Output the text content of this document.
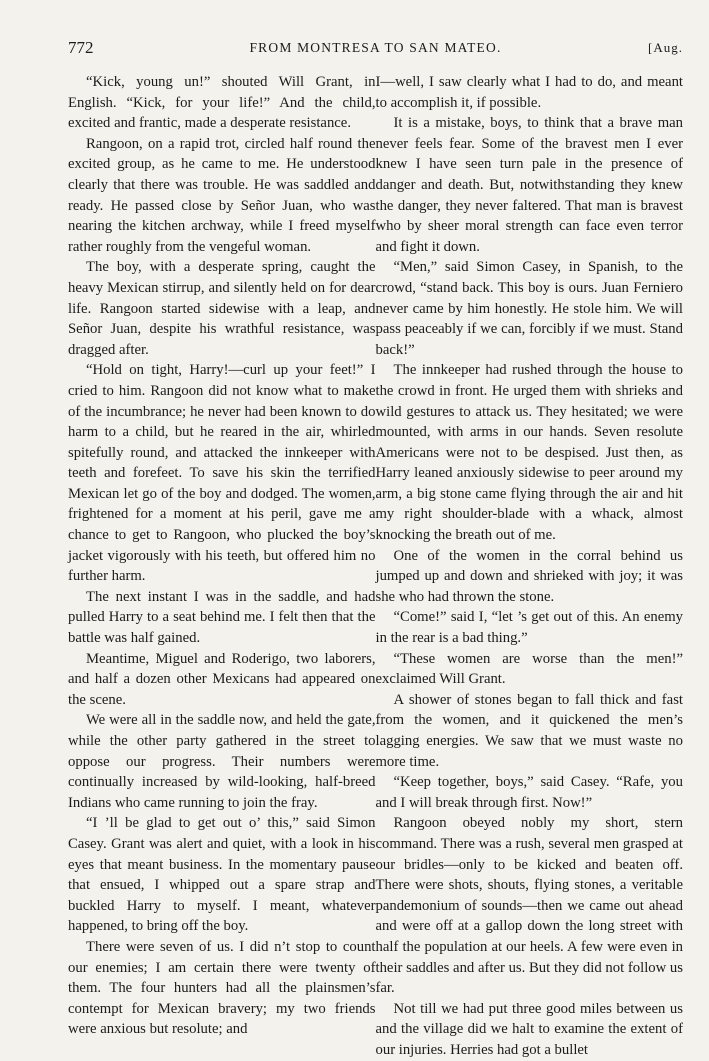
772	FROM MONTRESA TO SAN MATEO.	[Aug.

“Kick, young un!” shouted Will Grant, in English. “Kick, for your life!” And the child, excited and frantic, made a desperate resistance.

Rangoon, on a rapid trot, circled half round the excited group, as he came to me. He understood clearly that there was trouble. He was saddled and ready. He passed close by Señor Juan, who was nearing the kitchen archway, while I freed myself rather roughly from the vengeful woman.

The boy, with a desperate spring, caught the heavy Mexican stirrup, and silently held on for dear life. Rangoon started sidewise with a leap, and Señor Juan, despite his wrathful resistance, was dragged after.

“Hold on tight, Harry!—curl up your feet!” I cried to him. Rangoon did not know what to make of the incumbrance; he never had been known to do harm to a child, but he reared in the air, whirled spitefully round, and attacked the innkeeper with teeth and forefeet. To save his skin the terrified Mexican let go of the boy and dodged. The women, frightened for a moment at his peril, gave me a chance to get to Rangoon, who plucked the boy’s jacket vigorously with his teeth, but offered him no further harm.

The next instant I was in the saddle, and had pulled Harry to a seat behind me. I felt then that the battle was half gained.

Meantime, Miguel and Roderigo, two laborers, and half a dozen other Mexicans had appeared on the scene.

We were all in the saddle now, and held the gate, while the other party gathered in the street to oppose our progress. Their numbers were continually increased by wild-looking, half-breed Indians who came running to join the fray.

“I ’ll be glad to get out o’ this,” said Simon Casey. Grant was alert and quiet, with a look in his eyes that meant business. In the momentary pause that ensued, I whipped out a spare strap and buckled Harry to myself. I meant, whatever happened, to bring off the boy.

There were seven of us. I did n’t stop to count our enemies; I am certain there were twenty of them. The four hunters had all the plainsmen’s contempt for Mexican bravery; my two friends were anxious but resolute; and

I—well, I saw clearly what I had to do, and meant to accomplish it, if possible.

It is a mistake, boys, to think that a brave man never feels fear. Some of the bravest men I ever knew I have seen turn pale in the presence of danger and death. But, notwithstanding they knew the danger, they never faltered. That man is bravest who by sheer moral strength can face even terror and fight it down.

“Men,” said Simon Casey, in Spanish, to the crowd, “stand back. This boy is ours. Juan Ferniero never came by him honestly. He stole him. We will pass peaceably if we can, forcibly if we must. Stand back!”

The innkeeper had rushed through the house to the crowd in front. He urged them with shrieks and wild gestures to attack us. They hesitated; we were mounted, with arms in our hands. Seven resolute Americans were not to be despised. Just then, as Harry leaned anxiously sidewise to peer around my arm, a big stone came flying through the air and hit my right shoulder-blade with a whack, almost knocking the breath out of me.

One of the women in the corral behind us jumped up and down and shrieked with joy; it was she who had thrown the stone.

“Come!” said I, “let ’s get out of this. An enemy in the rear is a bad thing.”

“These women are worse than the men!” exclaimed Will Grant.

A shower of stones began to fall thick and fast from the women, and it quickened the men’s lagging energies. We saw that we must waste no more time.

“Keep together, boys,” said Casey. “Rafe, you and I will break through first. Now!”

Rangoon obeyed nobly my short, stern command. There was a rush, several men grasped at our bridles—only to be kicked and beaten off. There were shots, shouts, flying stones, a veritable pandemonium of sounds—then we came out ahead and were off at a gallop down the long street with half the population at our heels. A few were even in their saddles and after us. But they did not follow us far.

Not till we had put three good miles between us and the village did we halt to examine the extent of our injuries. Herries had got a bullet
